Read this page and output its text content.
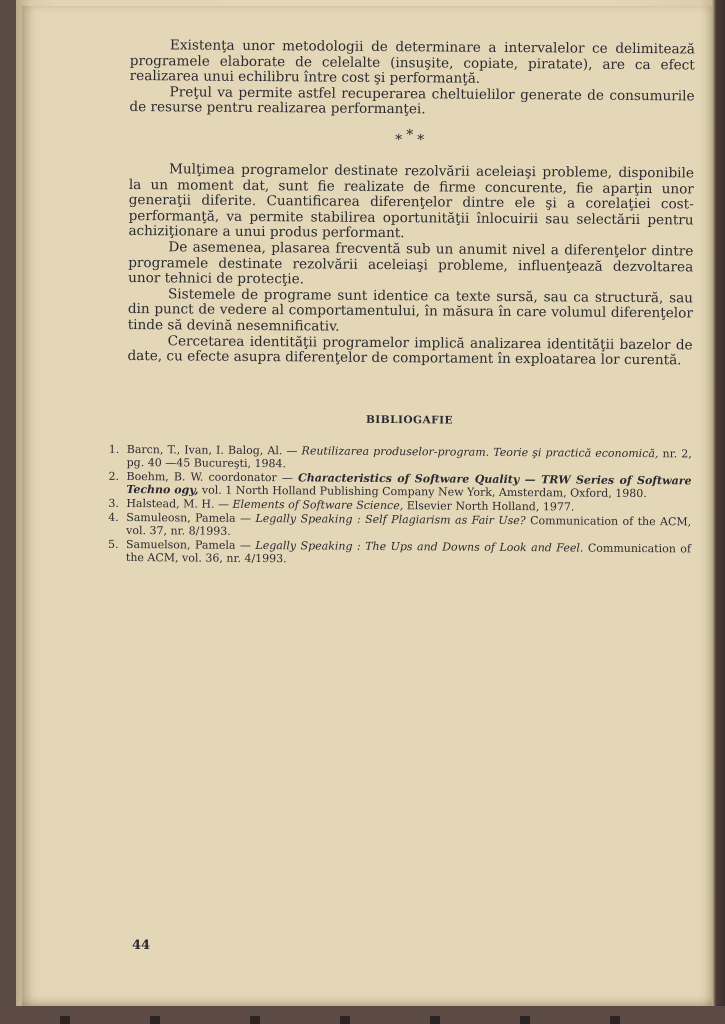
Existenţa unor metodologii de determinare a intervalelor ce delimitează programele elaborate de celelalte (insuşite, copiate, piratate), are ca efect realizarea unui echilibru între cost şi performanţă.

Preţul va permite astfel recuperarea cheltuielilor generate de consumurile de resurse pentru realizarea performanţei.

***

Mulţimea programelor destinate rezolvării aceleiaşi probleme, disponibile la un moment dat, sunt fie realizate de firme concurente, fie aparţin unor generaţii diferite. Cuantificarea diferenţelor dintre ele şi a corelaţiei cost-performanţă, va permite stabilirea oportunităţii înlocuirii sau selectării pentru achiziţionare a unui produs performant.

De asemenea, plasarea frecventă sub un anumit nivel a diferenţelor dintre programele destinate rezolvării aceleiaşi probleme, influenţează dezvoltarea unor tehnici de protecţie.

Sistemele de programe sunt identice ca texte sursă, sau ca structură, sau din punct de vedere al comportamentului, în măsura în care volumul diferenţelor tinde să devină nesemnificativ.

Cercetarea identităţii programelor implică analizarea identităţii bazelor de date, cu efecte asupra diferenţelor de comportament în exploatarea lor curentă.

BIBLIOGAFIE
1. Barcn, T., Ivan, I. Balog, Al. — Reutilizarea produselor-program. Teorie şi practică economică, nr. 2, pg. 40 —45 Bucureşti, 1984.
2. Boehm, B. W. coordonator — Characteristics of Software Quality — TRW Series of Software Techno ogy, vol. 1 North Holland Publishing Company New York, Amsterdam, Oxford, 1980.
3. Halstead, M. H. — Elements of Software Science, Elsevier North Holland, 1977.
4. Samuleosn, Pamela — Legally Speaking : Self Plagiarism as Fair Use? Communication of the ACM, vol. 37, nr. 8/1993.
5. Samuelson, Pamela — Legally Speaking : The Ups and Downs of Look and Feel. Communication of the ACM, vol. 36, nr. 4/1993.
44
